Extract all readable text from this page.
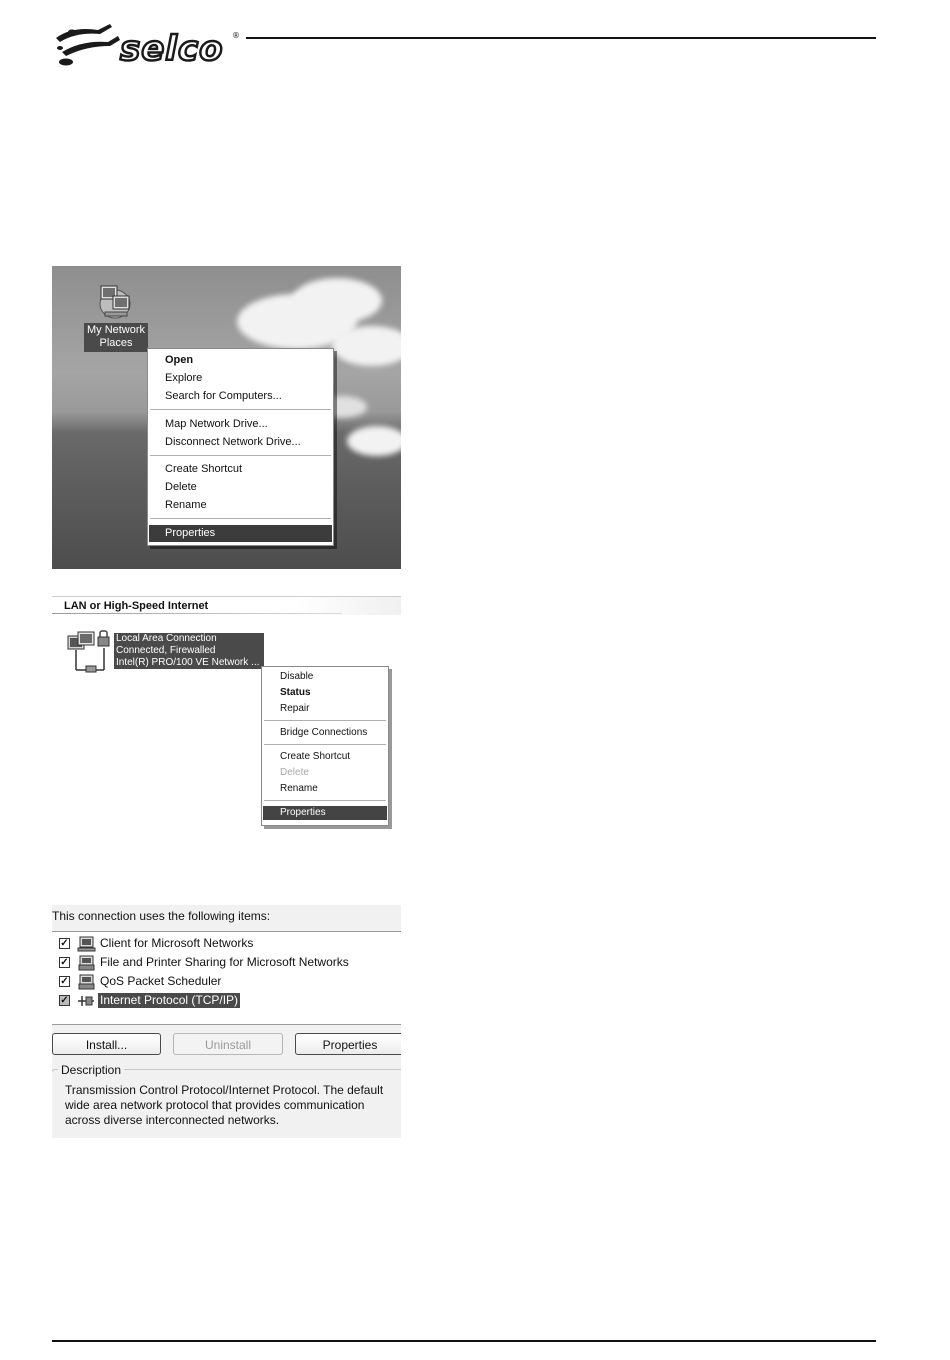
selco ®
My Network
Places
Open
Explore
Search for Computers...
Map Network Drive...
Disconnect Network Drive...
Create Shortcut
Delete
Rename
Properties
LAN or High-Speed Internet
Local Area Connection
Connected, Firewalled
Intel(R) PRO/100 VE Network ...
Disable
Status
Repair
Bridge Connections
Create Shortcut
Delete
Rename
Properties
This connection uses the following items:
✓	Client for Microsoft Networks
✓	File and Printer Sharing for Microsoft Networks
✓	QoS Packet Scheduler
✓	Internet Protocol (TCP/IP)
Install...	Uninstall	Properties
Description
Transmission Control Protocol/Internet Protocol. The default wide area network protocol that provides communication across diverse interconnected networks.
